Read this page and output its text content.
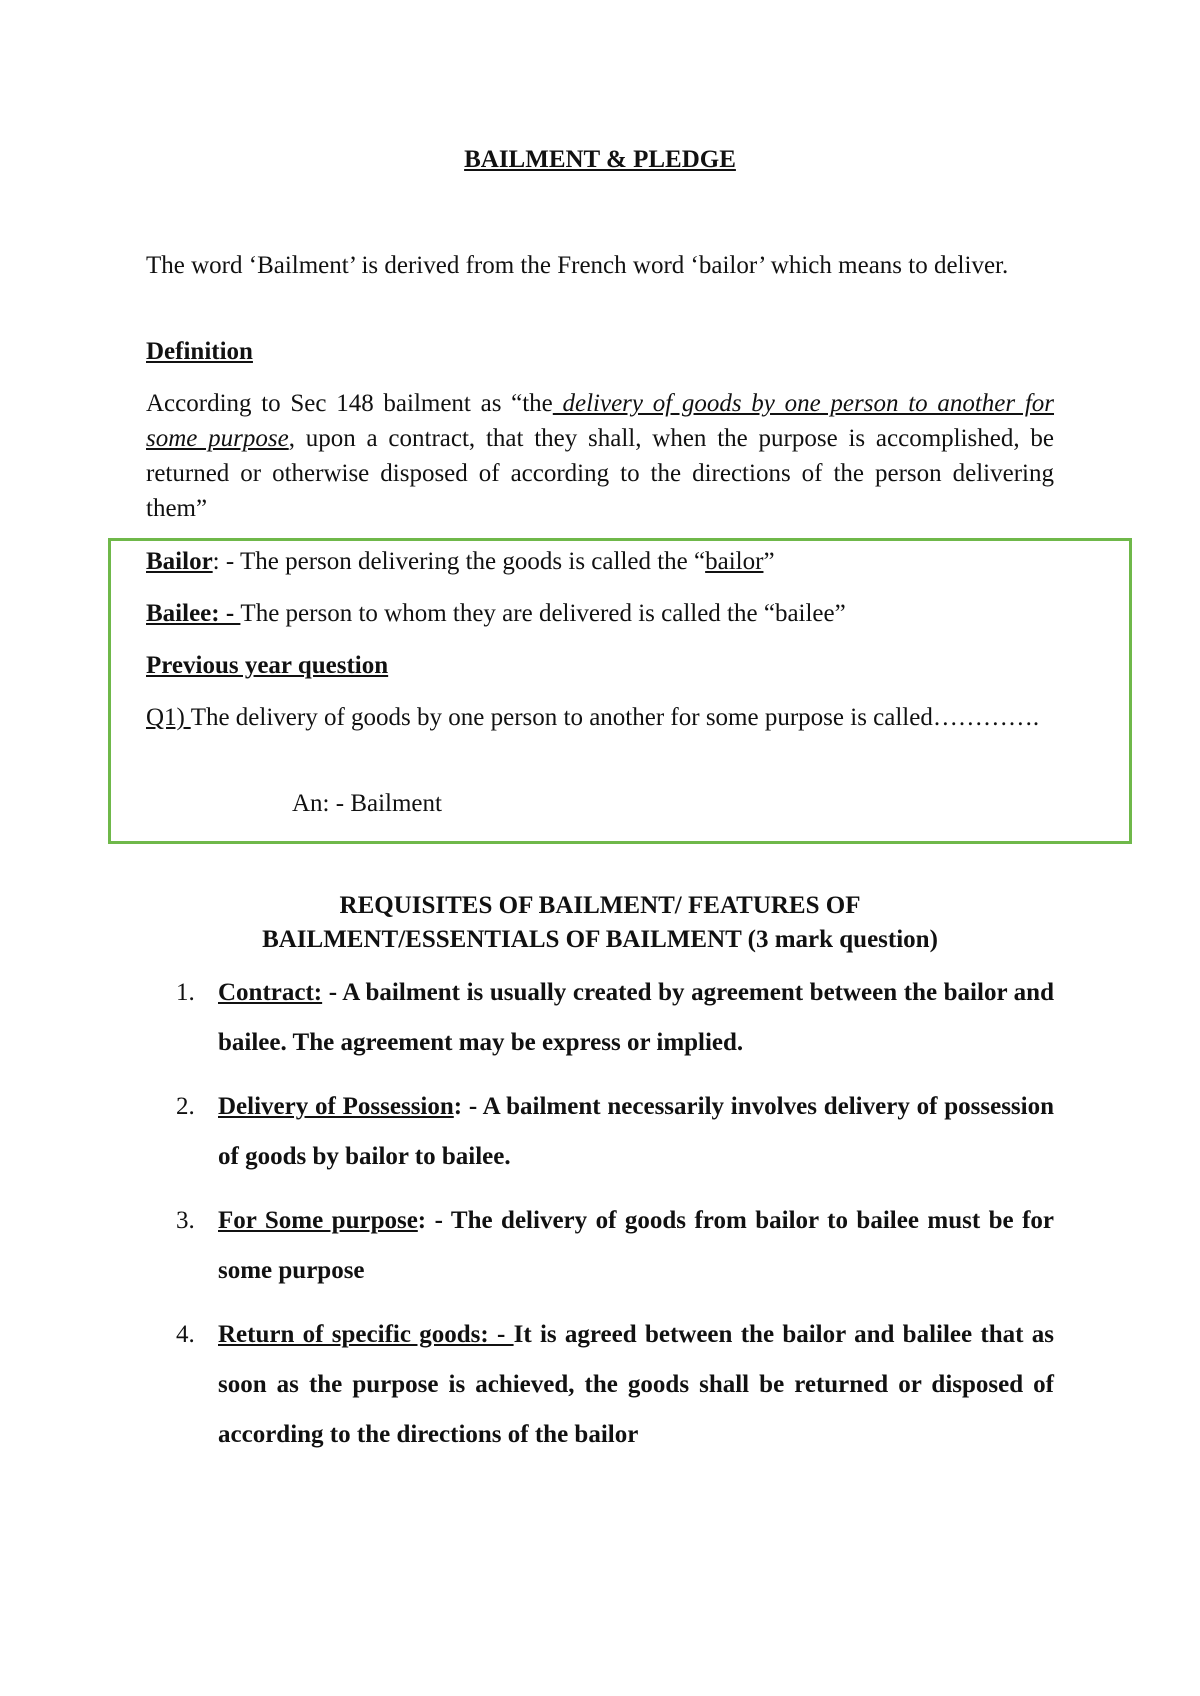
BAILMENT & PLEDGE

The word ‘Bailment’ is derived from the French word ‘bailor’ which means to deliver.

Definition

According to Sec 148 bailment as “the delivery of goods by one person to another for some purpose, upon a contract, that they shall, when the purpose is accomplished, be returned or otherwise disposed of according to the directions of the person delivering them”

Bailor: - The person delivering the goods is called the “bailor”

Bailee: - The person to whom they are delivered is called the “bailee”

Previous year question

Q1) The delivery of goods by one person to another for some purpose is called………….

An: - Bailment

REQUISITES OF BAILMENT/ FEATURES OF

BAILMENT/ESSENTIALS OF BAILMENT (3 mark question)

1. Contract: - A bailment is usually created by agreement between the bailor and bailee. The agreement may be express or implied.
2. Delivery of Possession: - A bailment necessarily involves delivery of possession of goods by bailor to bailee.
3. For Some purpose: - The delivery of goods from bailor to bailee must be for some purpose
4. Return of specific goods: - It is agreed between the bailor and balilee that as soon as the purpose is achieved, the goods shall be returned or disposed of according to the directions of the bailor
